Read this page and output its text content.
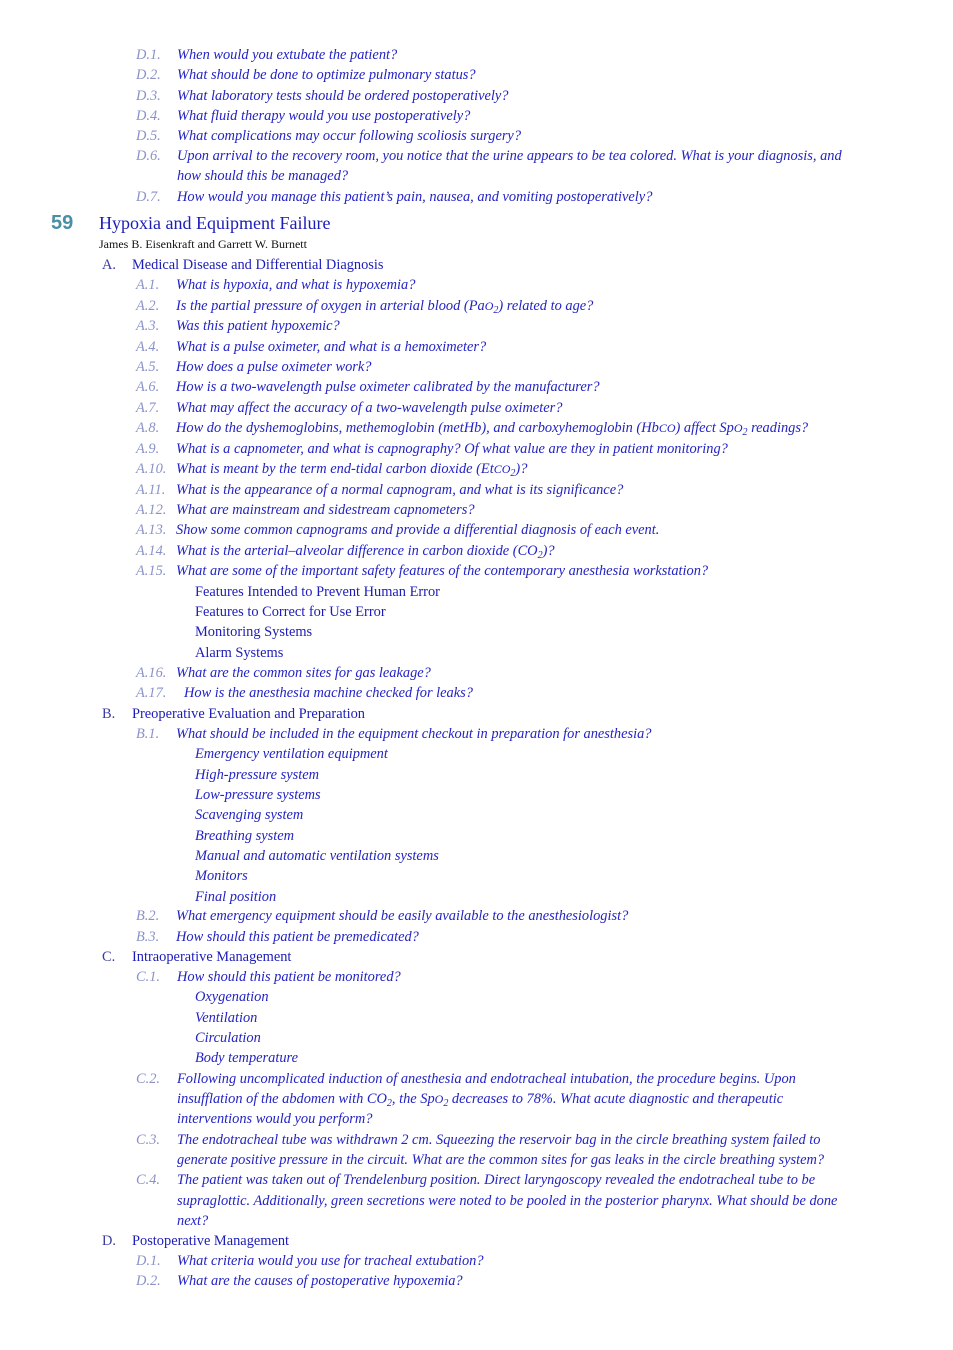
D.1. When would you extubate the patient?
D.2. What should be done to optimize pulmonary status?
D.3. What laboratory tests should be ordered postoperatively?
D.4. What fluid therapy would you use postoperatively?
D.5. What complications may occur following scoliosis surgery?
D.6. Upon arrival to the recovery room, you notice that the urine appears to be tea colored. What is your diagnosis, and
how should this be managed?
D.7. How would you manage this patient’s pain, nausea, and vomiting postoperatively?
59 Hypoxia and Equipment Failure
James B. Eisenkraft and Garrett W. Burnett
A. Medical Disease and Differential Diagnosis
A.1. What is hypoxia, and what is hypoxemia?
A.2. Is the partial pressure of oxygen in arterial blood (PaO$_2$) related to age?
A.3. Was this patient hypoxemic?
A.4. What is a pulse oximeter, and what is a hemoximeter?
A.5. How does a pulse oximeter work?
A.6. How is a two-wavelength pulse oximeter calibrated by the manufacturer?
A.7. What may affect the accuracy of a two-wavelength pulse oximeter?
A.8. How do the dyshemoglobins, methemoglobin (metHb), and carboxyhemoglobin (HbCO) affect SpO$_2$ readings?
A.9. What is a capnometer, and what is capnography? Of what value are they in patient monitoring?
A.10. What is meant by the term end-tidal carbon dioxide (EtCO$_2$)?
A.11. What is the appearance of a normal capnogram, and what is its significance?
A.12. What are mainstream and sidestream capnometers?
A.13. Show some common capnograms and provide a differential diagnosis of each event.
A.14. What is the arterial–alveolar difference in carbon dioxide $(CO_2)$?
A.15. What are some of the important safety features of the contemporary anesthesia workstation?
Features Intended to Prevent Human Error
Features to Correct for Use Error
Monitoring Systems
Alarm Systems
A.16. What are the common sites for gas leakage?
A.17. How is the anesthesia machine checked for leaks?
B. Preoperative Evaluation and Preparation
B.1. What should be included in the equipment checkout in preparation for anesthesia?
Emergency ventilation equipment
High-pressure system
Low-pressure systems
Scavenging system
Breathing system
Manual and automatic ventilation systems
Monitors
Final position
B.2. What emergency equipment should be easily available to the anesthesiologist?
B.3. How should this patient be premedicated?
C. Intraoperative Management
C.1. How should this patient be monitored?
Oxygenation
Ventilation
Circulation
Body temperature
C.2. Following uncomplicated induction of anesthesia and endotracheal intubation, the procedure begins. Upon
insufflation of the abdomen with $CO_2$, the SpO$_2$ decreases to 78%. What acute diagnostic and therapeutic
interventions would you perform?
C.3. The endotracheal tube was withdrawn 2 cm. Squeezing the reservoir bag in the circle breathing system failed to
generate positive pressure in the circuit. What are the common sites for gas leaks in the circle breathing system?
C.4. The patient was taken out of Trendelenburg position. Direct laryngoscopy revealed the endotracheal tube to be
supraglottic. Additionally, green secretions were noted to be pooled in the posterior pharynx. What should be done
next?
D. Postoperative Management
D.1. What criteria would you use for tracheal extubation?
D.2. What are the causes of postoperative hypoxemia?
